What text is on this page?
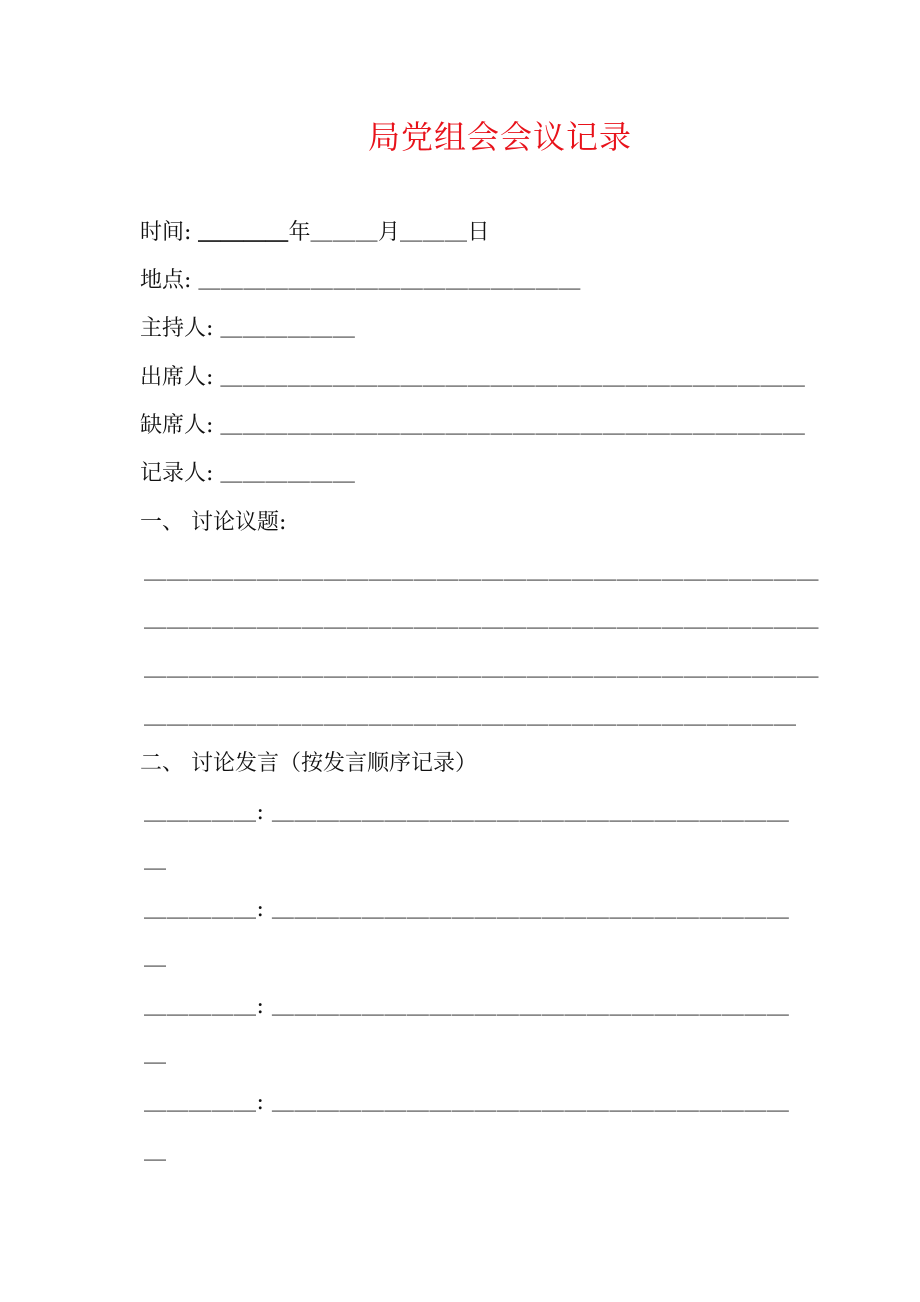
局党组会会议记录
时间: ＿＿＿＿年＿＿＿月＿＿＿日
地点: ＿＿＿＿＿＿＿＿＿＿＿＿＿＿＿＿＿
主持人: ＿＿＿＿＿＿
出席人: ＿＿＿＿＿＿＿＿＿＿＿＿＿＿＿＿＿＿＿＿＿＿＿＿＿＿
缺席人: ＿＿＿＿＿＿＿＿＿＿＿＿＿＿＿＿＿＿＿＿＿＿＿＿＿＿
记录人: ＿＿＿＿＿＿
一、 讨论议题:
＿＿＿＿＿＿＿＿＿＿＿＿＿＿＿＿＿＿＿＿＿＿＿＿＿＿＿＿＿＿
＿＿＿＿＿＿＿＿＿＿＿＿＿＿＿＿＿＿＿＿＿＿＿＿＿＿＿＿＿＿
＿＿＿＿＿＿＿＿＿＿＿＿＿＿＿＿＿＿＿＿＿＿＿＿＿＿＿＿＿＿
＿＿＿＿＿＿＿＿＿＿＿＿＿＿＿＿＿＿＿＿＿＿＿＿＿＿＿＿＿
二、 讨论发言（按发言顺序记录）
＿＿＿＿＿: ＿＿＿＿＿＿＿＿＿＿＿＿＿＿＿＿＿＿＿＿＿＿＿
＿
＿＿＿＿＿: ＿＿＿＿＿＿＿＿＿＿＿＿＿＿＿＿＿＿＿＿＿＿＿
＿
＿＿＿＿＿: ＿＿＿＿＿＿＿＿＿＿＿＿＿＿＿＿＿＿＿＿＿＿＿
＿
＿＿＿＿＿: ＿＿＿＿＿＿＿＿＿＿＿＿＿＿＿＿＿＿＿＿＿＿＿
＿
